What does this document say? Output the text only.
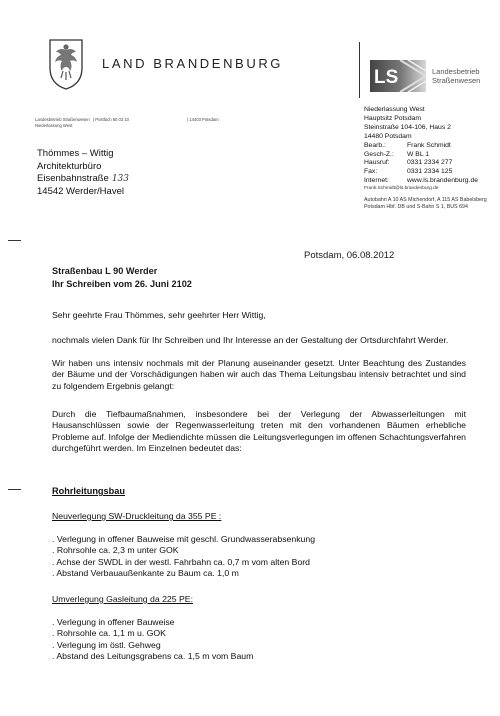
LAND BRANDENBURG
LS	Landesbetrieb
Straßenwesen
Landesbetrieb Straßenwesen | Postfach 60 03 10	| 14403 Potsdam
Niederlassung West
Thömmes – Wittig
Architekturbüro
Eisenbahnstraße 133
14542 Werder/Havel
Niederlassung West
Hauptsitz Potsdam
Steinstraße 104-106, Haus 2
14480 Potsdam
Bearb.:	Frank Schmidt
Gesch-Z.:	W BL 1
Hausruf:	0331 2334 277
Fax:	0331 2334 125
Internet:	www.ls.brandenburg.de
Frank.Schmidt@ls.brandenburg.de
Autobahn A 10 AS Michendorf, A 115 AS Babelsberg
Potsdam Hbf. DB und S-Bahn S 1, BUS 694
Potsdam, 06.08.2012
Straßenbau L 90 Werder
Ihr Schreiben vom 26. Juni 2102
Sehr geehrte Frau Thömmes, sehr geehrter Herr Wittig,
nochmals vielen Dank für Ihr Schreiben und Ihr Interesse an der Gestaltung der Ortsdurchfahrt Werder.
Wir haben uns intensiv nochmals mit der Planung auseinander gesetzt. Unter Beachtung des Zustandes der Bäume und der Vorschädigungen haben wir auch das Thema Leitungsbau intensiv betrachtet und sind zu folgendem Ergebnis gelangt:
Durch die Tiefbaumaßnahmen, insbesondere bei der Verlegung der Abwasserleitungen mit Hausanschlüssen sowie der Regenwasserleitung treten mit den vorhandenen Bäumen erhebliche Probleme auf. Infolge der Mediendichte müssen die Leitungsverlegungen im offenen Schachtungsverfahren durchgeführt werden. Im Einzelnen bedeutet das:
Rohrleitungsbau
Neuverlegung SW-Druckleitung da 355 PE :
. Verlegung in offener Bauweise mit geschl. Grundwasserabsenkung
. Rohrsohle ca. 2,3 m unter GOK
. Achse der SWDL in der westl. Fahrbahn ca. 0,7 m vom alten Bord
. Abstand Verbauaußenkante zu Baum ca. 1,0 m
Umverlegung Gasleitung da 225 PE:
. Verlegung in offener Bauweise
. Rohrsohle ca. 1,1 m u. GOK
. Verlegung im östl. Gehweg
. Abstand des Leitungsgrabens ca. 1,5 m vom Baum
